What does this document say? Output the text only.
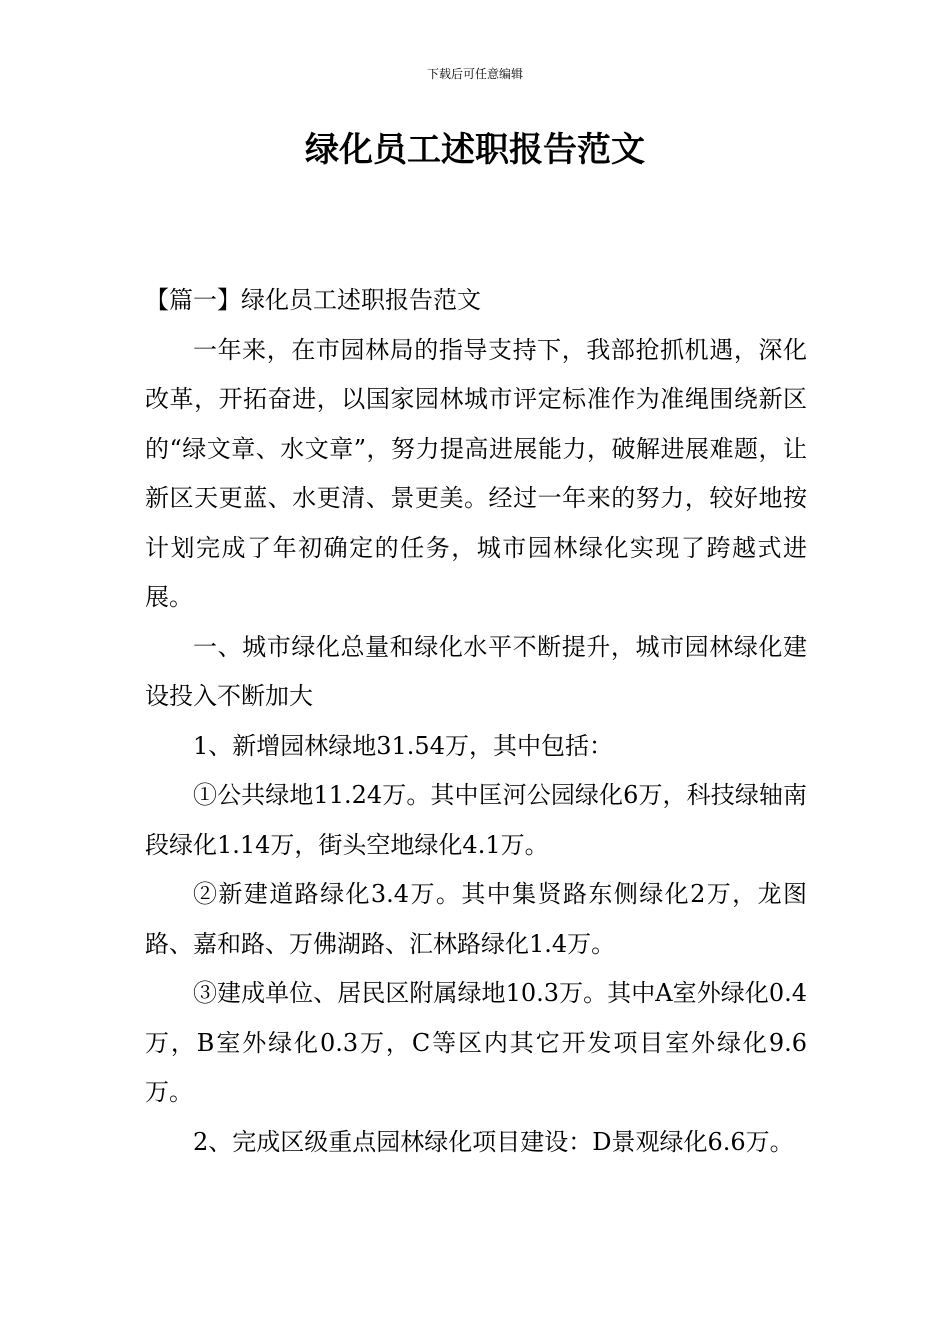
下载后可任意编辑
绿化员工述职报告范文

【篇一】绿化员工述职报告范文

一年来，在市园林局的指导支持下，我部抢抓机遇，深化改革，开拓奋进，以国家园林城市评定标准作为准绳围绕新区的“绿文章、水文章”，努力提高进展能力，破解进展难题，让新区天更蓝、水更清、景更美。经过一年来的努力，较好地按计划完成了年初确定的任务，城市园林绿化实现了跨越式进展。

一、城市绿化总量和绿化水平不断提升，城市园林绿化建设投入不断加大

1、新增园林绿地31.54万，其中包括：

①公共绿地11.24万。其中匡河公园绿化6万，科技绿轴南段绿化1.14万，街头空地绿化4.1万。

②新建道路绿化3.4万。其中集贤路东侧绿化2万，龙图路、嘉和路、万佛湖路、汇林路绿化1.4万。

③建成单位、居民区附属绿地10.3万。其中A室外绿化0.4万，B室外绿化0.3万，C等区内其它开发项目室外绿化9.6万。

2、完成区级重点园林绿化项目建设：D景观绿化6.6万。
